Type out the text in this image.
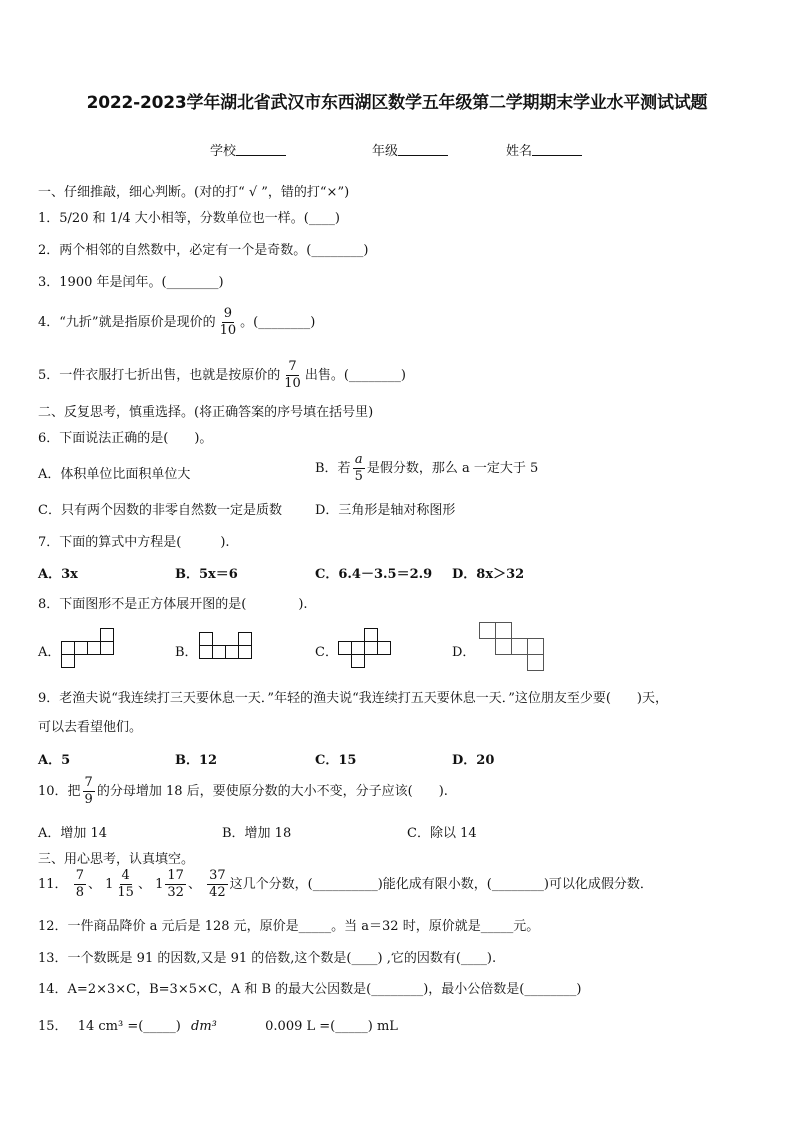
2022-2023学年湖北省武汉市东西湖区数学五年级第二学期期末学业水平测试试题
学校	年级	姓名
一、仔细推敲，细心判断。(对的打“ √ ”，错的打“×”)
1．5/20 和 1/4 大小相等，分数单位也一样。(____)
2．两个相邻的自然数中，必定有一个是奇数。(________)
3．1900 年是闰年。(________)
4．“九折”就是指原价是现价的 $\frac{9}{10}$ 。(________)
5．一件衣服打七折出售，也就是按原价的 $\frac{7}{10}$ 出售。(________)
二、反复思考，慎重选择。(将正确答案的序号填在括号里)
6．下面说法正确的是(　　)。
A．体积单位比面积单位大	B．若 $\frac{a}{5}$ 是假分数，那么 a 一定大于 5
C．只有两个因数的非零自然数一定是质数	D．三角形是轴对称图形
7．下面的算式中方程是(　　　).
A．3x	B．5x＝6	C．6.4－3.5＝2.9 D．8x＞32
8．下面图形不是正方体展开图的是(　　　　).
A．	B．	C．	D．
9．老渔夫说“我连续打三天要休息一天．”年轻的渔夫说“我连续打五天要休息一天．”这位朋友至少要(　　)天，
可以去看望他们。
A．5	B．12	C．15	D．20
10．把 $\frac{7}{9}$ 的分母增加 18 后，要使原分数的大小不变，分子应该(　　).
A．增加 14	B．增加 18	C．除以 14
三、用心思考，认真填空。
11． $\frac{7}{8}$ 、 $1 \frac{4}{15}$ 、 $1 \frac{17}{32}$ 、 $\frac{37}{42}$ 这几个分数，(__________)能化成有限小数，(________)可以化成假分数．
12．一件商品降价 a 元后是 128 元，原价是_____。当 a＝32 时，原价就是_____元。
13．一个数既是 91 的因数,又是 91 的倍数,这个数是(____) ,它的因数有(____).
14．A=2×3×C，B=3×5×C，A 和 B 的最大公因数是(________)，最小公倍数是(________)
15． 14 cm³ =(_____) dm³	0.009 L =(_____) mL
